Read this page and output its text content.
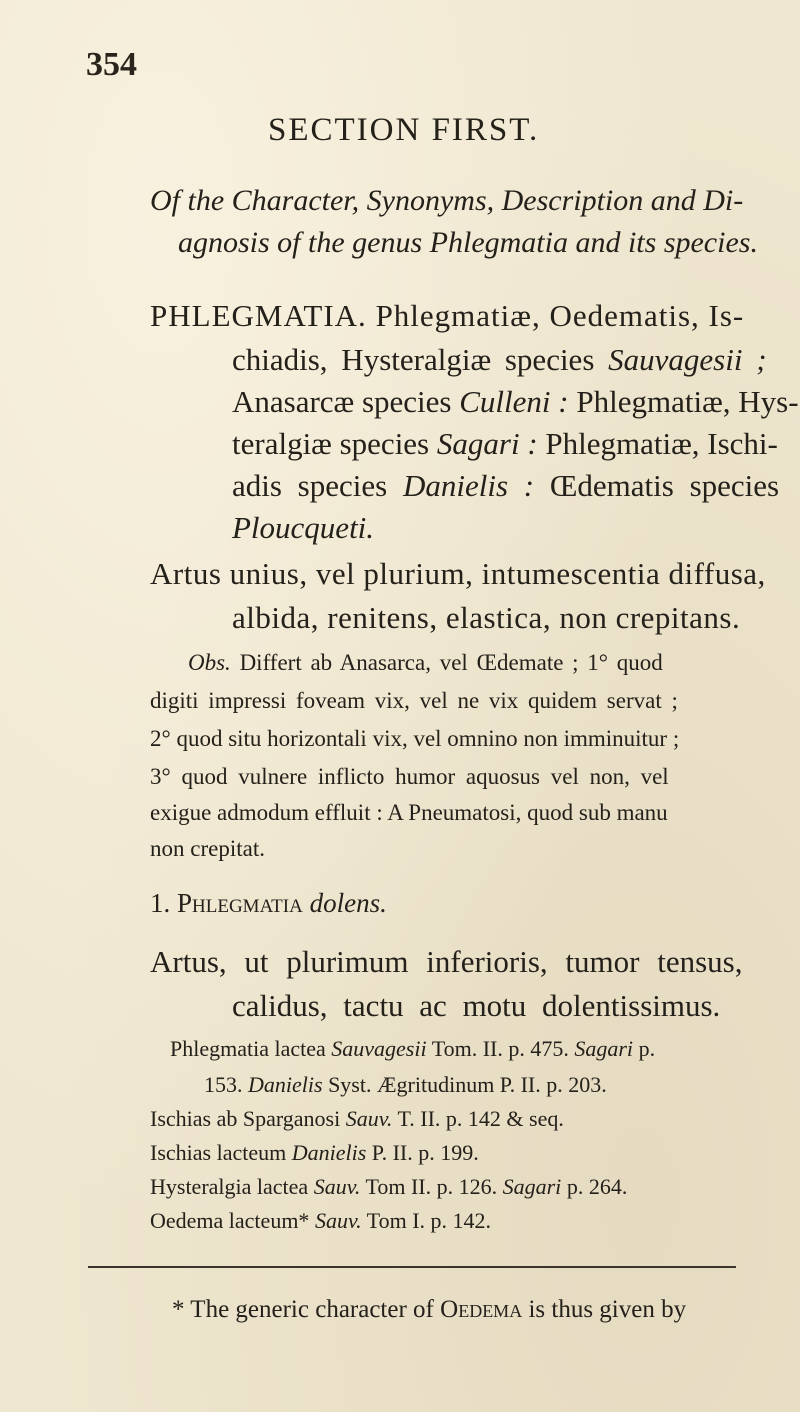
354
SECTION FIRST.
Of the Character, Synonyms, Description and Di-
agnosis of the genus Phlegmatia and its species.
PHLEGMATIA. Phlegmatiæ, Oedematis, Is-
chiadis, Hysteralgiæ species Sauvagesii ;
Anasarcæ species Culleni : Phlegmatiæ, Hys-
teralgiæ species Sagari : Phlegmatiæ, Ischi-
adis species Danielis : Œdematis species
Ploucqueti.
Artus unius, vel plurium, intumescentia diffusa,
albida, renitens, elastica, non crepitans.
Obs. Differt ab Anasarca, vel Œdemate ; 1° quod
digiti impressi foveam vix, vel ne vix quidem servat ;
2° quod situ horizontali vix, vel omnino non imminuitur ;
3° quod vulnere inflicto humor aquosus vel non, vel
exigue admodum effluit : A Pneumatosi, quod sub manu
non crepitat.
1. Phlegmatia dolens.
Artus, ut plurimum inferioris, tumor tensus,
calidus, tactu ac motu dolentissimus.
Phlegmatia lactea Sauvagesii Tom. II. p. 475. Sagari p.
153. Danielis Syst. Ægritudinum P. II. p. 203.
Ischias ab Sparganosi Sauv. T. II. p. 142 & seq.
Ischias lacteum Danielis P. II. p. 199.
Hysteralgia lactea Sauv. Tom II. p. 126. Sagari p. 264.
Oedema lacteum* Sauv. Tom I. p. 142.
* The generic character of Oedema is thus given by
